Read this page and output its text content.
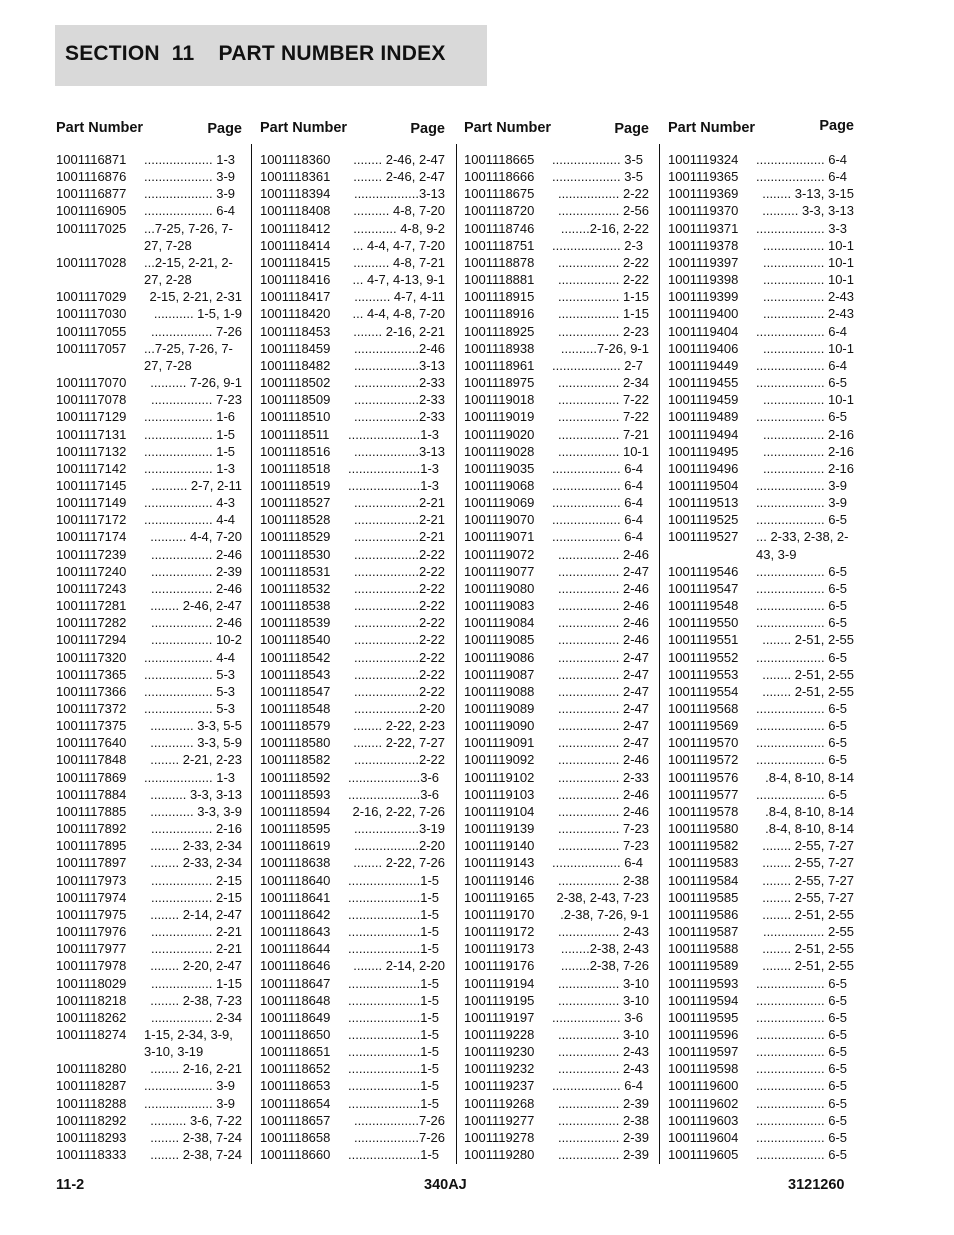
SECTION  11    PART NUMBER INDEX
Part Number	Page
1001116871	................... 1-3
1001116876	................... 3-9
1001116877	................... 3-9
1001116905	................... 6-4
1001117025	...7-25, 7-26, 7-27, 7-28
1001117028	...2-15, 2-21, 2-27, 2-28
1001117029	2-15, 2-21, 2-31
1001117030	........... 1-5, 1-9
1001117055	................. 7-26
1001117057	...7-25, 7-26, 7-27, 7-28
1001117070	.......... 7-26, 9-1
1001117078	................. 7-23
1001117129	................... 1-6
1001117131	................... 1-5
1001117132	................... 1-5
1001117142	................... 1-3
1001117145	.......... 2-7, 2-11
1001117149	................... 4-3
1001117172	................... 4-4
1001117174	.......... 4-4, 7-20
1001117239	................. 2-46
1001117240	................. 2-39
1001117243	................. 2-46
1001117281	........ 2-46, 2-47
1001117282	................. 2-46
1001117294	................. 10-2
1001117320	................... 4-4
1001117365	................... 5-3
1001117366	................... 5-3
1001117372	................... 5-3
1001117375	............ 3-3, 5-5
1001117640	............ 3-3, 5-9
1001117848	........ 2-21, 2-23
1001117869	................... 1-3
1001117884	.......... 3-3, 3-13
1001117885	............ 3-3, 3-9
1001117892	................. 2-16
1001117895	........ 2-33, 2-34
1001117897	........ 2-33, 2-34
1001117973	................. 2-15
1001117974	................. 2-15
1001117975	........ 2-14, 2-47
1001117976	................. 2-21
1001117977	................. 2-21
1001117978	........ 2-20, 2-47
1001118029	................. 1-15
1001118218	........ 2-38, 7-23
1001118262	................. 2-34
1001118274	1-15, 2-34, 3-9, 3-10, 3-19
1001118280	........ 2-16, 2-21
1001118287	................... 3-9
1001118288	................... 3-9
1001118292	.......... 3-6, 7-22
1001118293	........ 2-38, 7-24
1001118333	........ 2-38, 7-24
Part Number	Page
1001118360	........ 2-46, 2-47
1001118361	........ 2-46, 2-47
1001118394	..................3-13
1001118408	.......... 4-8, 7-20
1001118412	............ 4-8, 9-2
1001118414	... 4-4, 4-7, 7-20
1001118415	.......... 4-8, 7-21
1001118416	... 4-7, 4-13, 9-1
1001118417	.......... 4-7, 4-11
1001118420	... 4-4, 4-8, 7-20
1001118453	........ 2-16, 2-21
1001118459	..................2-46
1001118482	..................3-13
1001118502	..................2-33
1001118509	..................2-33
1001118510	..................2-33
1001118511	....................1-3
1001118516	..................3-13
1001118518	....................1-3
1001118519	....................1-3
1001118527	..................2-21
1001118528	..................2-21
1001118529	..................2-21
1001118530	..................2-22
1001118531	..................2-22
1001118532	..................2-22
1001118538	..................2-22
1001118539	..................2-22
1001118540	..................2-22
1001118542	..................2-22
1001118543	..................2-22
1001118547	..................2-22
1001118548	..................2-20
1001118579	........ 2-22, 2-23
1001118580	........ 2-22, 7-27
1001118582	..................2-22
1001118592	....................3-6
1001118593	....................3-6
1001118594	2-16, 2-22, 7-26
1001118595	..................3-19
1001118619	..................2-20
1001118638	........ 2-22, 7-26
1001118640	....................1-5
1001118641	....................1-5
1001118642	....................1-5
1001118643	....................1-5
1001118644	....................1-5
1001118646	........ 2-14, 2-20
1001118647	....................1-5
1001118648	....................1-5
1001118649	....................1-5
1001118650	....................1-5
1001118651	....................1-5
1001118652	....................1-5
1001118653	....................1-5
1001118654	....................1-5
1001118657	..................7-26
1001118658	..................7-26
1001118660	....................1-5
Part Number	Page
1001118665	................... 3-5
1001118666	................... 3-5
1001118675	................. 2-22
1001118720	................. 2-56
1001118746	........2-16, 2-22
1001118751	................... 2-3
1001118878	................. 2-22
1001118881	................. 2-22
1001118915	................. 1-15
1001118916	................. 1-15
1001118925	................. 2-23
1001118938	..........7-26, 9-1
1001118961	................... 2-7
1001118975	................. 2-34
1001119018	................. 7-22
1001119019	................. 7-22
1001119020	................. 7-21
1001119028	................. 10-1
1001119035	................... 6-4
1001119068	................... 6-4
1001119069	................... 6-4
1001119070	................... 6-4
1001119071	................... 6-4
1001119072	................. 2-46
1001119077	................. 2-47
1001119080	................. 2-46
1001119083	................. 2-46
1001119084	................. 2-46
1001119085	................. 2-46
1001119086	................. 2-47
1001119087	................. 2-47
1001119088	................. 2-47
1001119089	................. 2-47
1001119090	................. 2-47
1001119091	................. 2-47
1001119092	................. 2-46
1001119102	................. 2-33
1001119103	................. 2-46
1001119104	................. 2-46
1001119139	................. 7-23
1001119140	................. 7-23
1001119143	................... 6-4
1001119146	................. 2-38
1001119165	2-38, 2-43, 7-23
1001119170	.2-38, 7-26, 9-1
1001119172	................. 2-43
1001119173	........2-38, 2-43
1001119176	........2-38, 7-26
1001119194	................. 3-10
1001119195	................. 3-10
1001119197	................... 3-6
1001119228	................. 3-10
1001119230	................. 2-43
1001119232	................. 2-43
1001119237	................... 6-4
1001119268	................. 2-39
1001119277	................. 2-38
1001119278	................. 2-39
1001119280	................. 2-39
Part Number	Page
1001119324	................... 6-4
1001119365	................... 6-4
1001119369	........ 3-13, 3-15
1001119370	.......... 3-3, 3-13
1001119371	................... 3-3
1001119378	................. 10-1
1001119397	................. 10-1
1001119398	................. 10-1
1001119399	................. 2-43
1001119400	................. 2-43
1001119404	................... 6-4
1001119406	................. 10-1
1001119449	................... 6-4
1001119455	................... 6-5
1001119459	................. 10-1
1001119489	................... 6-5
1001119494	................. 2-16
1001119495	................. 2-16
1001119496	................. 2-16
1001119504	................... 3-9
1001119513	................... 3-9
1001119525	................... 6-5
1001119527	... 2-33, 2-38, 2-43, 3-9
1001119546	................... 6-5
1001119547	................... 6-5
1001119548	................... 6-5
1001119550	................... 6-5
1001119551	........ 2-51, 2-55
1001119552	................... 6-5
1001119553	........ 2-51, 2-55
1001119554	........ 2-51, 2-55
1001119568	................... 6-5
1001119569	................... 6-5
1001119570	................... 6-5
1001119572	................... 6-5
1001119576	.8-4, 8-10, 8-14
1001119577	................... 6-5
1001119578	.8-4, 8-10, 8-14
1001119580	.8-4, 8-10, 8-14
1001119582	........ 2-55, 7-27
1001119583	........ 2-55, 7-27
1001119584	........ 2-55, 7-27
1001119585	........ 2-55, 7-27
1001119586	........ 2-51, 2-55
1001119587	................. 2-55
1001119588	........ 2-51, 2-55
1001119589	........ 2-51, 2-55
1001119593	................... 6-5
1001119594	................... 6-5
1001119595	................... 6-5
1001119596	................... 6-5
1001119597	................... 6-5
1001119598	................... 6-5
1001119600	................... 6-5
1001119602	................... 6-5
1001119603	................... 6-5
1001119604	................... 6-5
1001119605	................... 6-5
11-2	340AJ	3121260
